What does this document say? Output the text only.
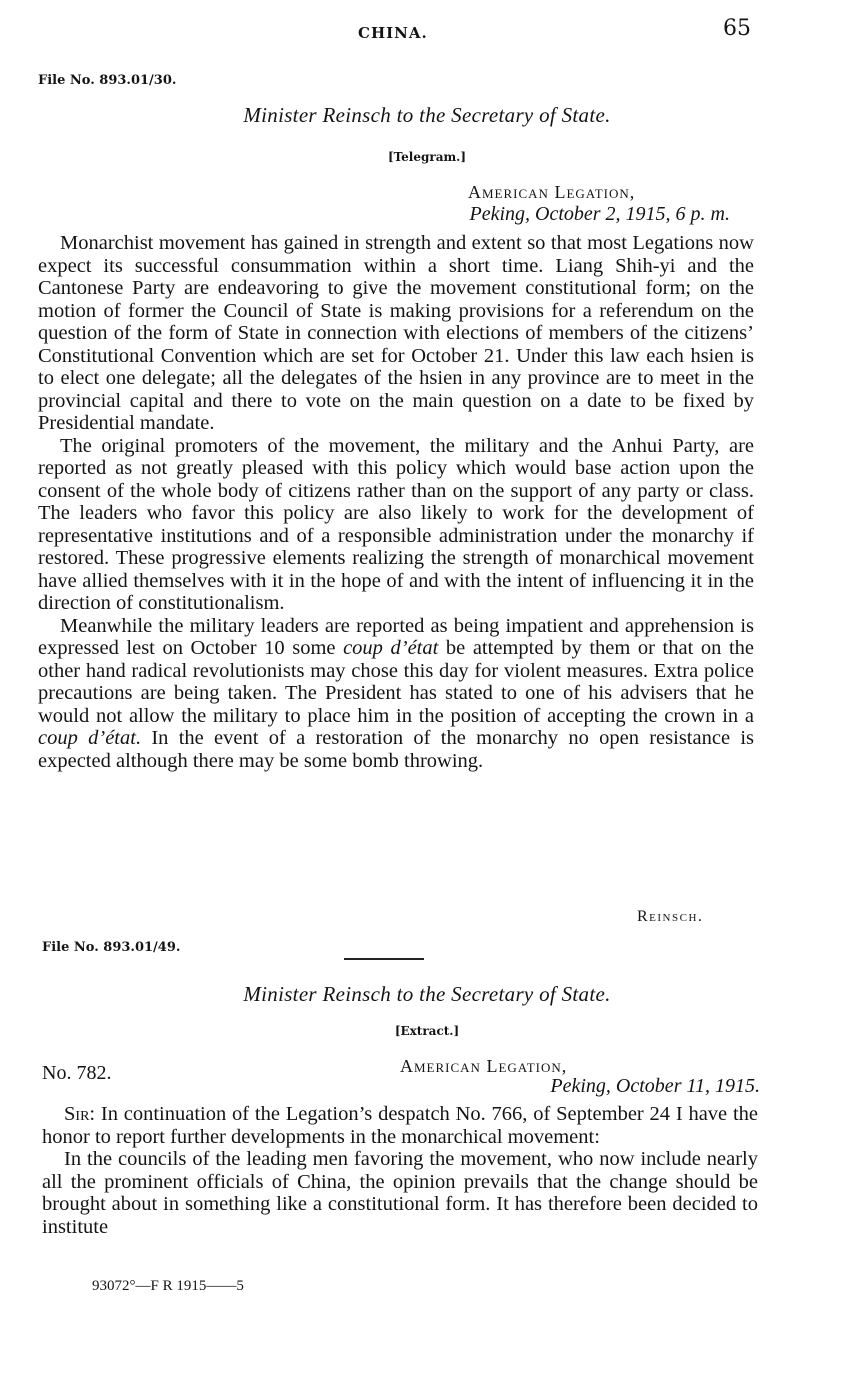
CHINA.	65
File No. 893.01/30.
Minister Reinsch to the Secretary of State.
[Telegram.]
American Legation,
Peking, October 2, 1915, 6 p. m.

Monarchist movement has gained in strength and extent so that most Legations now expect its successful consummation within a short time. Liang Shih-yi and the Cantonese Party are endeavoring to give the movement constitutional form; on the motion of former the Council of State is making provisions for a referendum on the question of the form of State in connection with elections of members of the citizens’ Constitutional Convention which are set for October 21. Under this law each hsien is to elect one delegate; all the delegates of the hsien in any province are to meet in the provincial capital and there to vote on the main question on a date to be fixed by Presidential mandate.

The original promoters of the movement, the military and the Anhui Party, are reported as not greatly pleased with this policy which would base action upon the consent of the whole body of citizens rather than on the support of any party or class. The leaders who favor this policy are also likely to work for the development of representative institutions and of a responsible administration under the monarchy if restored. These progressive elements realizing the strength of monarchical movement have allied themselves with it in the hope of and with the intent of influencing it in the direction of constitutionalism.

Meanwhile the military leaders are reported as being impatient and apprehension is expressed lest on October 10 some coup d’état be attempted by them or that on the other hand radical revolutionists may chose this day for violent measures. Extra police precautions are being taken. The President has stated to one of his advisers that he would not allow the military to place him in the position of accepting the crown in a coup d’état. In the event of a restoration of the monarchy no open resistance is expected although there may be some bomb throwing.

Reinsch.
File No. 893.01/49.
Minister Reinsch to the Secretary of State.
[Extract.]
No. 782.	American Legation,
Peking, October 11, 1915.

Sir: In continuation of the Legation’s despatch No. 766, of September 24 I have the honor to report further developments in the monarchical movement:

In the councils of the leading men favoring the movement, who now include nearly all the prominent officials of China, the opinion prevails that the change should be brought about in something like a constitutional form. It has therefore been decided to institute

93072°—F R 1915——5
